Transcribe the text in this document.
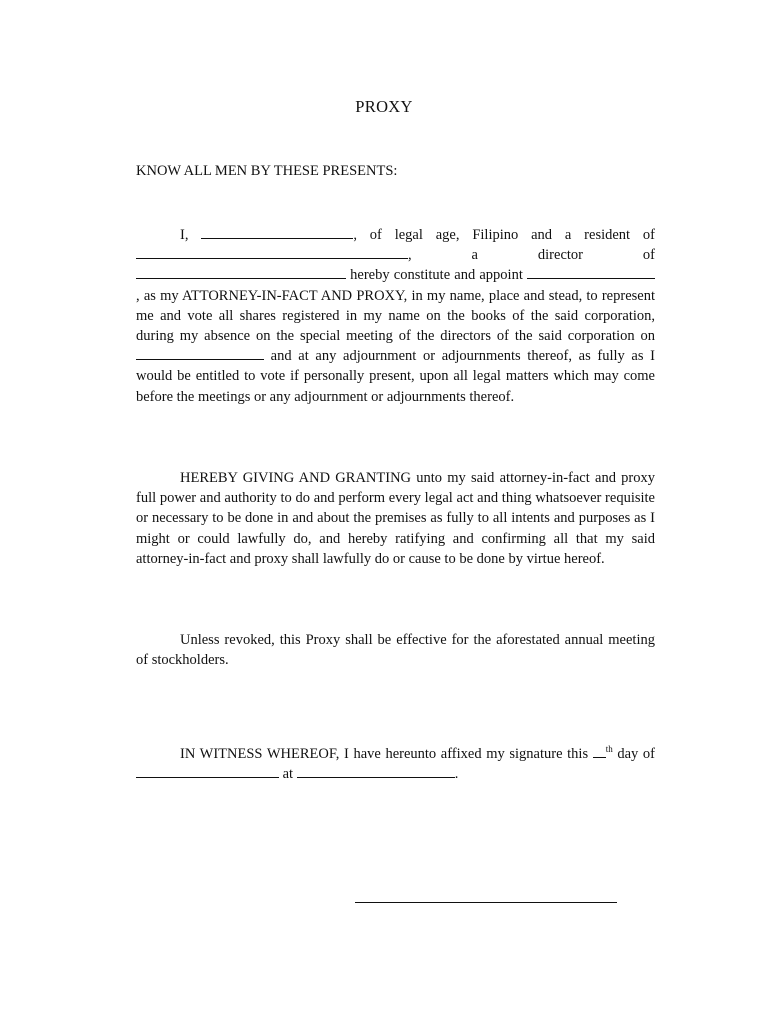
PROXY
KNOW ALL MEN BY THESE PRESENTS:

I,	, of legal age, Filipino and a resident of , a director of  hereby constitute and appoint , as my ATTORNEY-IN-FACT AND PROXY, in my name, place and stead, to represent me and vote all shares registered in my name on the books of the said corporation, during my absence on the special meeting of the directors of the said corporation on  and at any adjournment or adjournments thereof, as fully as I would be entitled to vote if personally present, upon all legal matters which may come before the meetings or any adjournment or adjournments thereof.

HEREBY GIVING AND GRANTING unto my said attorney-in-fact and proxy full power and authority to do and perform every legal act and thing whatsoever requisite or necessary to be done in and about the premises as fully to all intents and purposes as I might or could lawfully do, and hereby ratifying and confirming all that my said attorney-in-fact and proxy shall lawfully do or cause to be done by virtue hereof.

Unless revoked, this Proxy shall be effective for the aforestated annual meeting of stockholders.

IN WITNESS WHEREOF, I have hereunto affixed my signature this $^{th}$ day of  at	.
